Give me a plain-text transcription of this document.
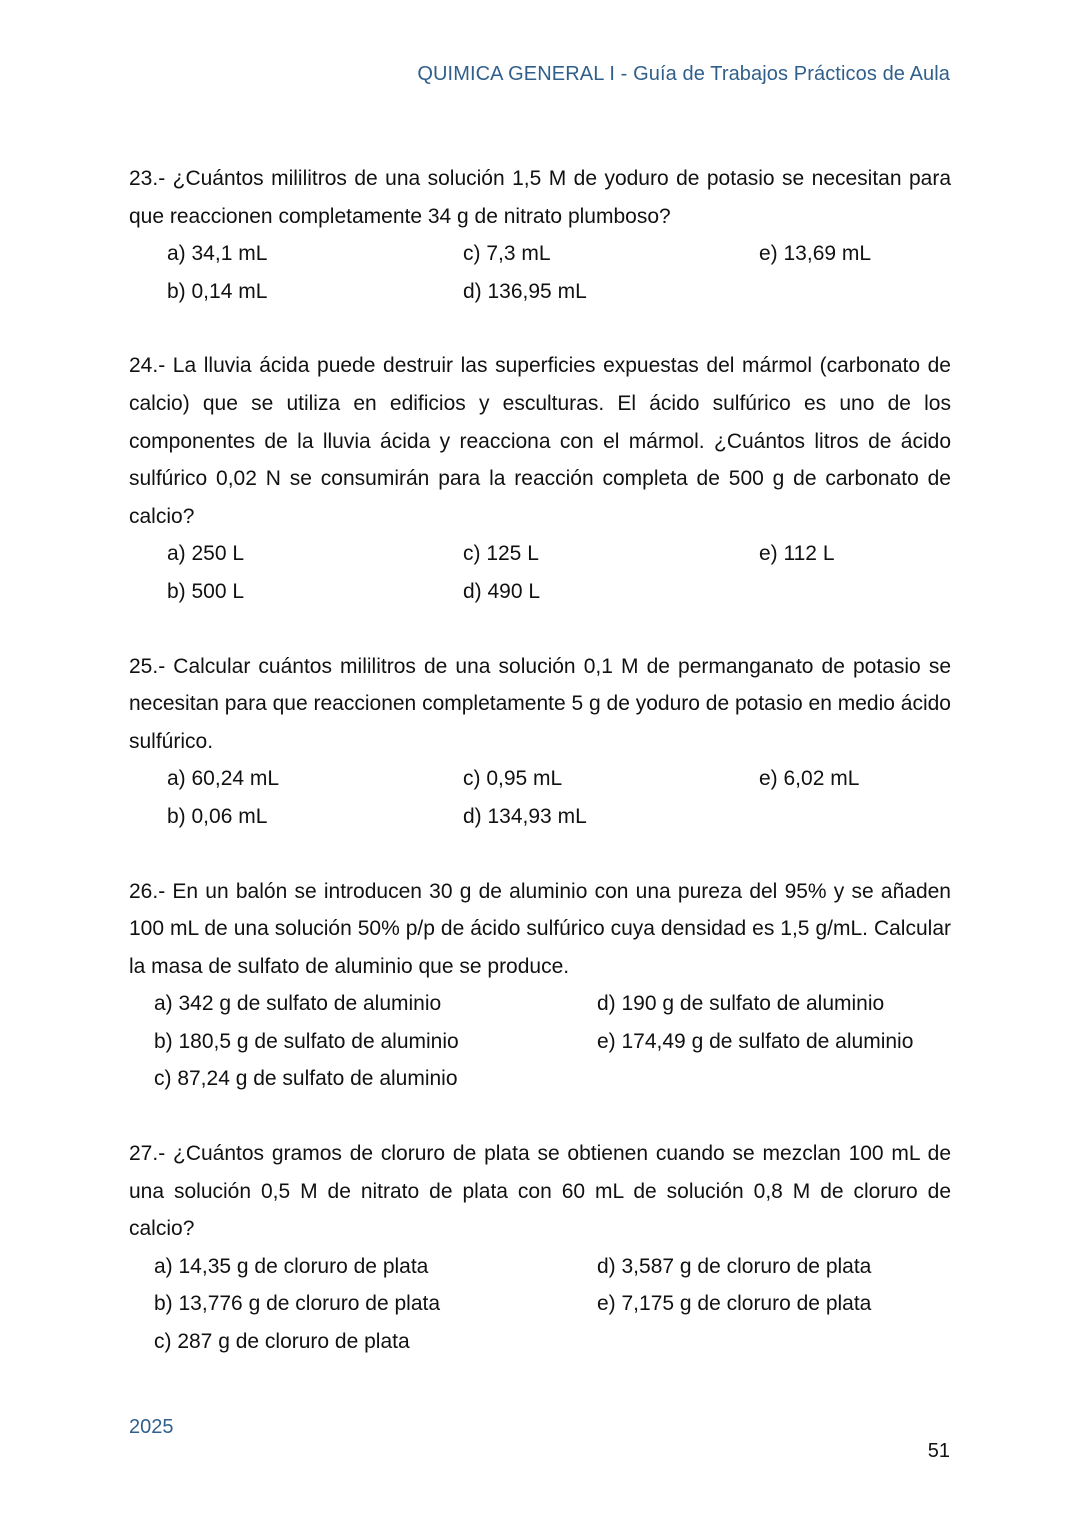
QUIMICA GENERAL I - Guía de Trabajos Prácticos de Aula

23.- ¿Cuántos mililitros de una solución 1,5 M de yoduro de potasio se necesitan para que reaccionen completamente 34 g de nitrato plumboso?

a) 34,1 mL	c) 7,3 mL	e) 13,69 mL
b) 0,14 mL	d) 136,95 mL

24.- La lluvia ácida puede destruir las superficies expuestas del mármol (carbonato de calcio) que se utiliza en edificios y esculturas. El ácido sulfúrico es uno de los componentes de la lluvia ácida y reacciona con el mármol. ¿Cuántos litros de ácido sulfúrico 0,02 N se consumirán para la reacción completa de 500 g de carbonato de calcio?

a) 250 L	c) 125 L	e) 112 L
b) 500 L	d) 490 L

25.- Calcular cuántos mililitros de una solución 0,1 M de permanganato de potasio se necesitan para que reaccionen completamente 5 g de yoduro de potasio en medio ácido sulfúrico.

a) 60,24 mL	c) 0,95 mL	e) 6,02 mL
b) 0,06 mL	d) 134,93 mL

26.- En un balón se introducen 30 g de aluminio con una pureza del 95% y se añaden 100 mL de una solución 50% p/p de ácido sulfúrico cuya densidad es 1,5 g/mL. Calcular la masa de sulfato de aluminio que se produce.

a) 342 g de sulfato de aluminio	d) 190 g de sulfato de aluminio
b) 180,5 g de sulfato de aluminio	e) 174,49 g de sulfato de aluminio
c) 87,24 g de sulfato de aluminio

27.- ¿Cuántos gramos de cloruro de plata se obtienen cuando se mezclan 100 mL de una solución 0,5 M de nitrato de plata con 60 mL de solución 0,8 M de cloruro de calcio?

a) 14,35 g de cloruro de plata	d) 3,587 g de cloruro de plata
b) 13,776 g de cloruro de plata	e) 7,175 g de cloruro de plata
c) 287 g de cloruro de plata
2025
51
